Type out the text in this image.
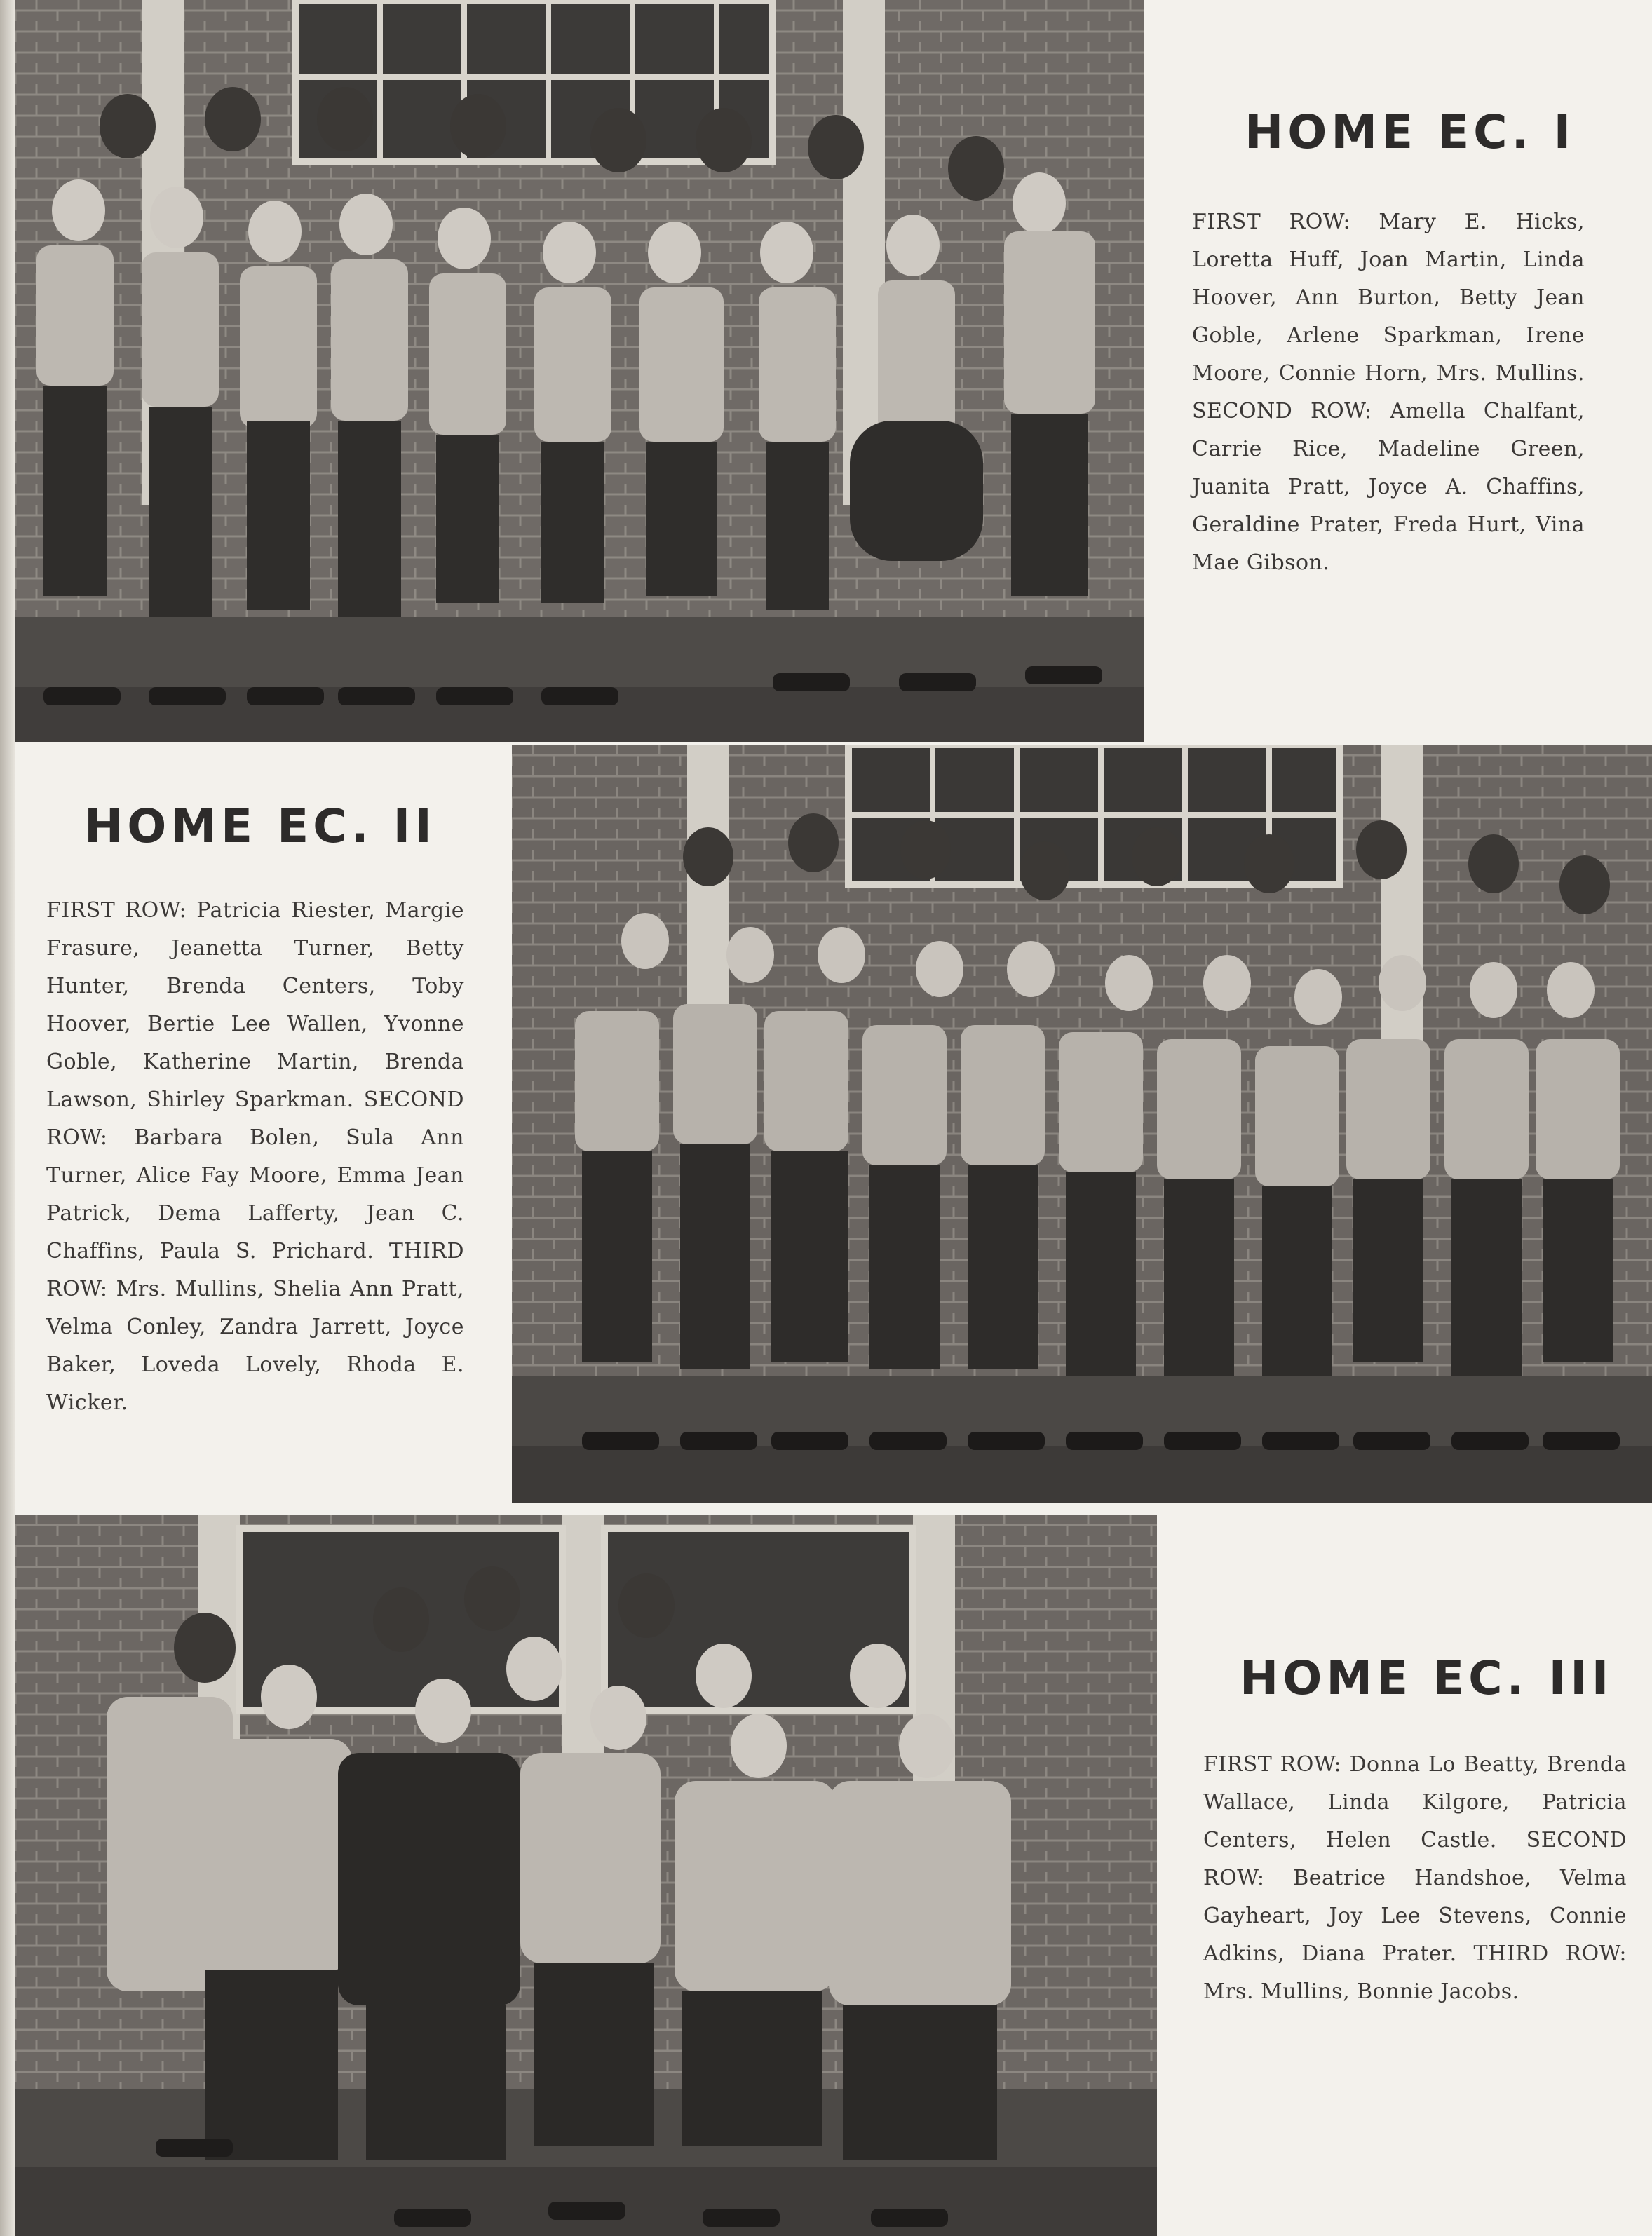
HOME EC. I

FIRST ROW: Mary E. Hicks, Loretta Huff, Joan Martin, Linda Hoover, Ann Burton, Betty Jean Goble, Arlene Sparkman, Irene Moore, Connie Horn, Mrs. Mullins. SECOND ROW: Amella Chalfant, Carrie Rice, Madeline Green, Juanita Pratt, Joyce A. Chaffins, Geraldine Prater, Freda Hurt, Vina Mae Gibson.

HOME EC. II

FIRST ROW: Patricia Riester, Margie Frasure, Jeanetta Turner, Betty Hunter, Brenda Centers, Toby Hoover, Bertie Lee Wallen, Yvonne Goble, Katherine Martin, Brenda Lawson, Shirley Sparkman. SECOND ROW: Barbara Bolen, Sula Ann Turner, Alice Fay Moore, Emma Jean Patrick, Dema Lafferty, Jean C. Chaffins, Paula S. Prichard. THIRD ROW: Mrs. Mullins, Shelia Ann Pratt, Velma Conley, Zandra Jarrett, Joyce Baker, Loveda Lovely, Rhoda E. Wicker.

HOME EC. III

FIRST ROW: Donna Lo Beatty, Brenda Wallace, Linda Kilgore, Patricia Centers, Helen Castle. SECOND ROW: Beatrice Handshoe, Velma Gayheart, Joy Lee Stevens, Connie Adkins, Diana Prater. THIRD ROW: Mrs. Mullins, Bonnie Jacobs.
